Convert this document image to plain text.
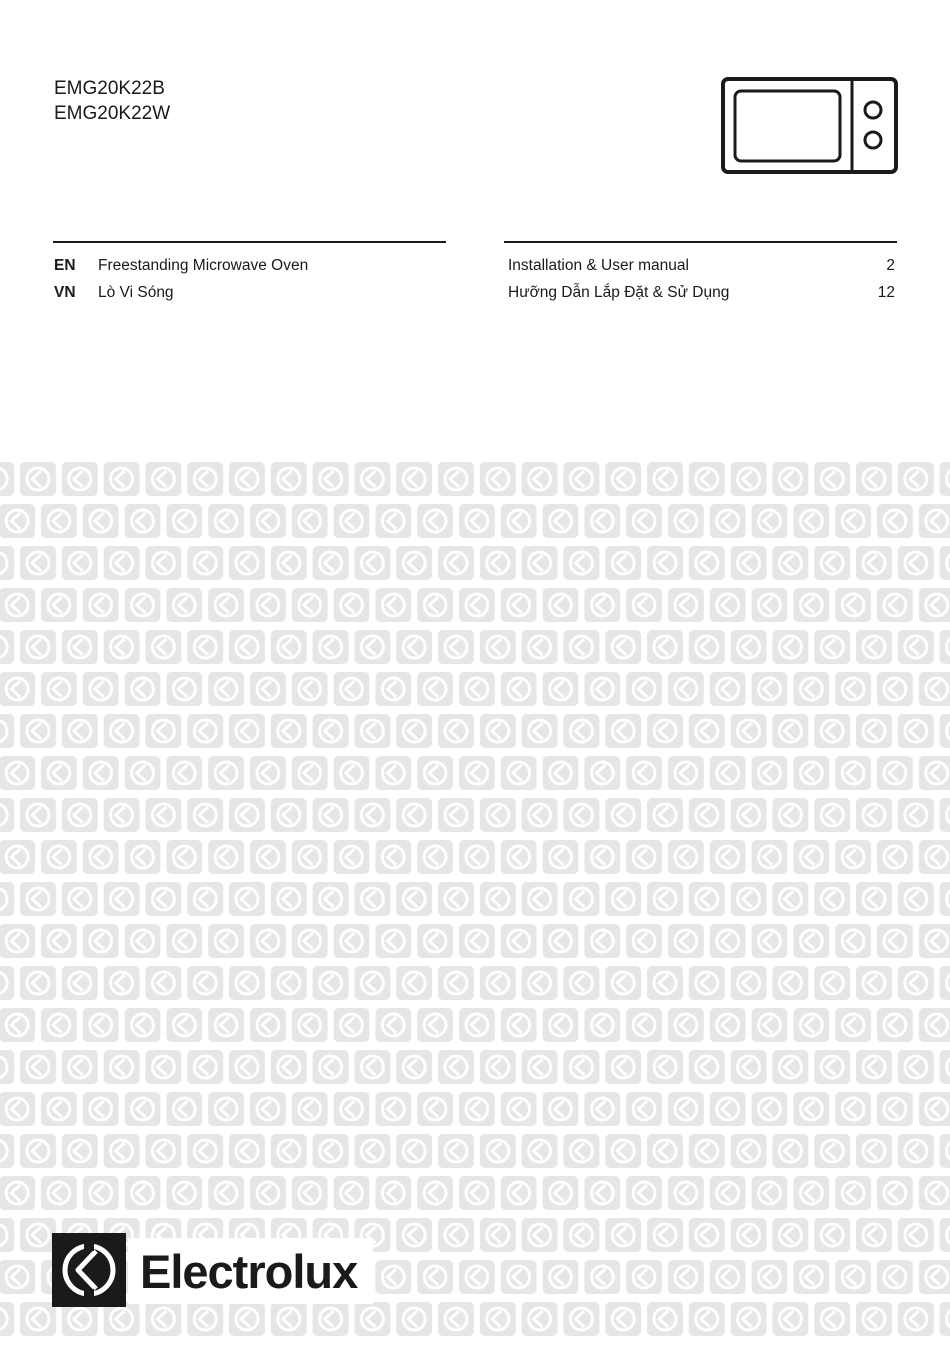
EMG20K22B
EMG20K22W
EN Freestanding Microwave Oven
VN Lò Vi Sóng
Installation & User manual	2
Hưỡng Dẫn Lắp Đặt & Sử Dụng	12
Electrolux
